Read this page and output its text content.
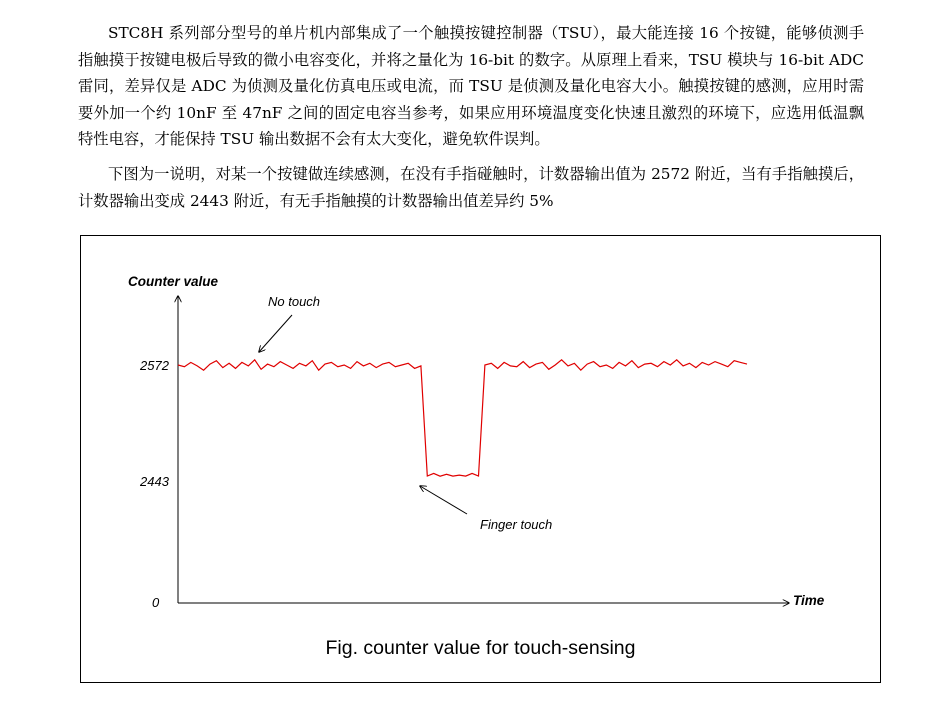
STC8H 系列部分型号的单片机内部集成了一个触摸按键控制器（TSU），最大能连接 16 个按键，能够侦测手指触摸于按键电极后导致的微小电容变化，并将之量化为 16-bit 的数字。从原理上看来，TSU 模块与 16-bit ADC 雷同，差异仅是 ADC 为侦测及量化仿真电压或电流，而 TSU 是侦测及量化电容大小。触摸按键的感测，应用时需要外加一个约 10nF 至 47nF 之间的固定电容当参考，如果应用环境温度变化快速且激烈的环境下，应选用低温飘特性电容，才能保持 TSU 输出数据不会有太大变化，避免软件误判。

下图为一说明，对某一个按键做连续感测，在没有手指碰触时，计数器输出值为 2572 附近，当有手指触摸后，计数器输出变成 2443 附近，有无手指触摸的计数器输出值差异约 5%

Counter value
Time
2572
2443
0
No touch
Finger touch
Fig. counter value for touch-sensing
